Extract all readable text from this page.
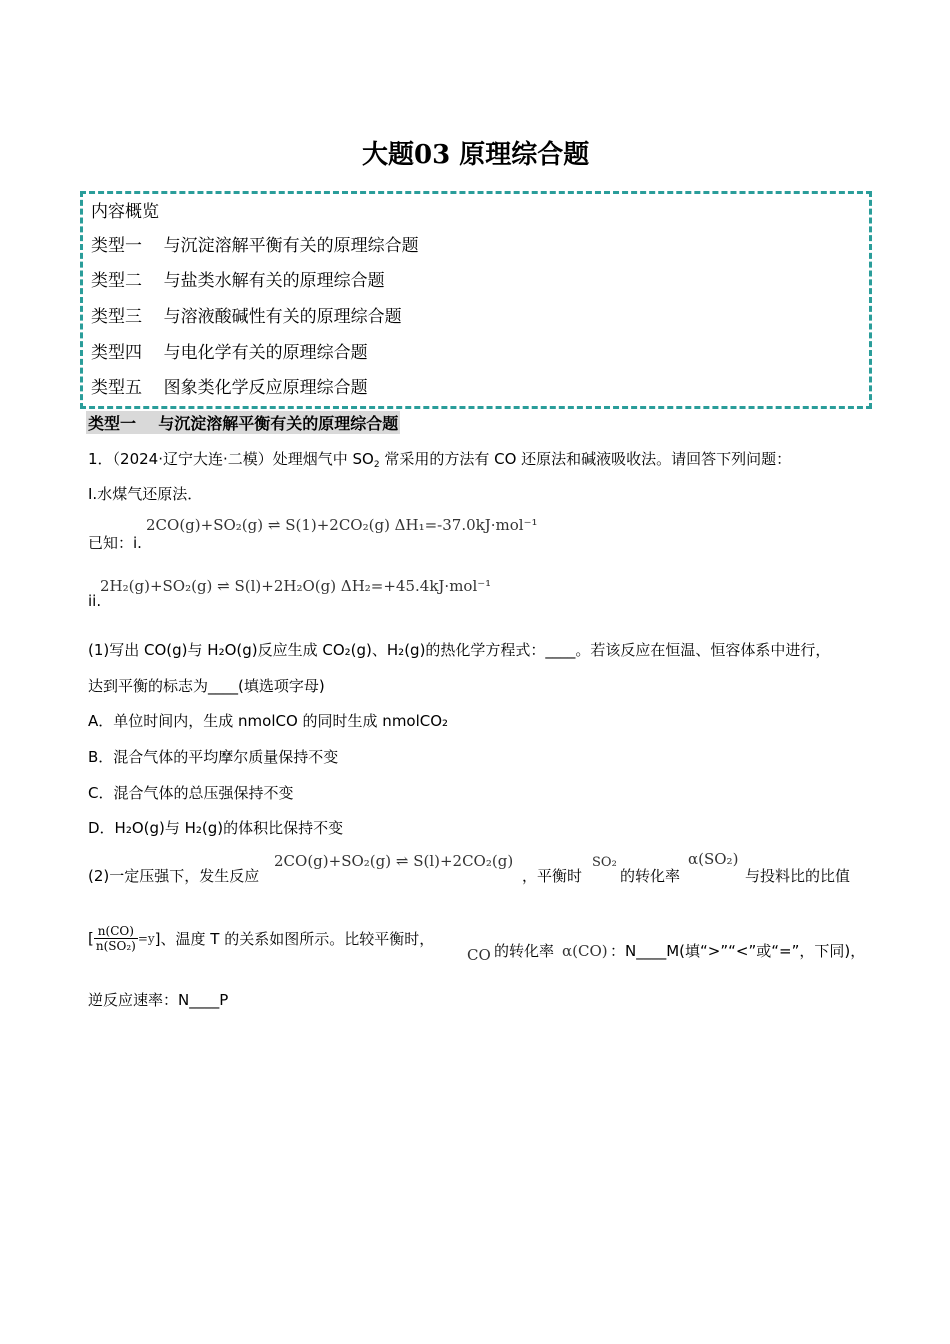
大题03 原理综合题
内容概览
类型一    与沉淀溶解平衡有关的原理综合题
类型二    与盐类水解有关的原理综合题
类型三    与溶液酸碱性有关的原理综合题
类型四    与电化学有关的原理综合题
类型五    图象类化学反应原理综合题
类型一    与沉淀溶解平衡有关的原理综合题
1．（2024·辽宁大连·二模）处理烟气中 $SO_2$ 常采用的方法有 CO 还原法和碱液吸收法。请回答下列问题：
I.水煤气还原法．
2CO(g)+SO₂(g) ⇌ S(1)+2CO₂(g) ΔH₁=-37.0kJ·mol⁻¹
已知：i.
2H₂(g)+SO₂(g) ⇌ S(l)+2H₂O(g) ΔH₂=+45.4kJ·mol⁻¹
ii.
(1)写出 CO(g)与 H₂O(g)反应生成 CO₂(g)、H₂(g)的热化学方程式：____。若该反应在恒温、恒容体系中进行，
达到平衡的标志为____(填选项字母)
A．单位时间内，生成 nmolCO 的同时生成 nmolCO₂
B．混合气体的平均摩尔质量保持不变
C．混合气体的总压强保持不变
D．H₂O(g)与 H₂(g)的体积比保持不变
(2)一定压强下，发生反应
2CO(g)+SO₂(g) ⇌ S(l)+2CO₂(g)
，平衡时
SO₂
的转化率
α(SO₂)
与投料比的比值
[ $\frac{n(CO)}{\text{n(SO₂)}} =y$]、温度 T 的关系如图所示。比较平衡时，
CO 的转化率 α(CO) ：N____M(填“>”“<”或“=”，下同)，
逆反应速率：N____P
